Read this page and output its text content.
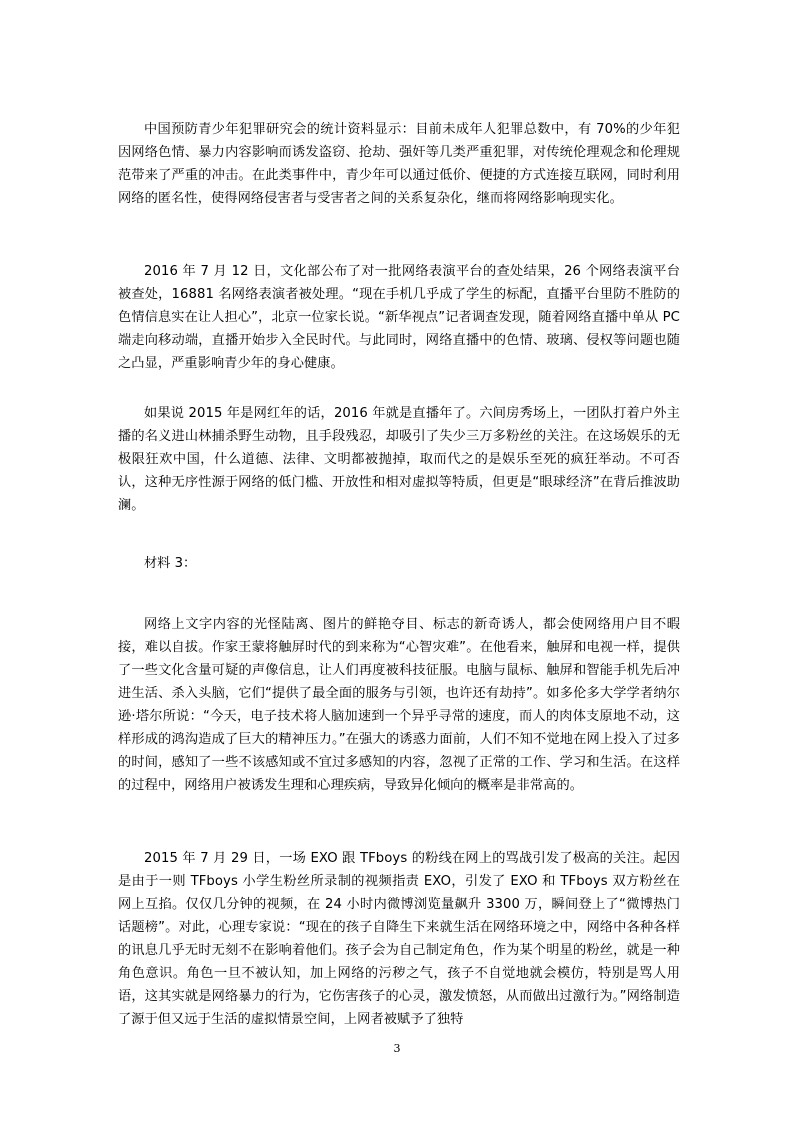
中国预防青少年犯罪研究会的统计资料显示：目前未成年人犯罪总数中，有 70%的少年犯因网络色情、暴力内容影响而诱发盗窃、抢劫、强奸等几类严重犯罪，对传统伦理观念和伦理规范带来了严重的冲击。在此类事件中，青少年可以通过低价、便捷的方式连接互联网，同时利用网络的匿名性，使得网络侵害者与受害者之间的关系复杂化，继而将网络影响现实化。

2016 年 7 月 12 日，文化部公布了对一批网络表演平台的查处结果，26 个网络表演平台被查处，16881 名网络表演者被处理。“现在手机几乎成了学生的标配，直播平台里防不胜防的色情信息实在让人担心”，北京一位家长说。“新华视点”记者调查发现，随着网络直播中单从 PC 端走向移动端，直播开始步入全民时代。与此同时，网络直播中的色情、玻璃、侵权等问题也随之凸显，严重影响青少年的身心健康。

如果说 2015 年是网红年的话，2016 年就是直播年了。六间房秀场上，一团队打着户外主播的名义进山林捕杀野生动物，且手段残忍，却吸引了失少三万多粉丝的关注。在这场娱乐的无极限狂欢中国，什么道德、法律、文明都被抛掉，取而代之的是娱乐至死的疯狂举动。不可否认，这种无序性源于网络的低门槛、开放性和相对虚拟等特质，但更是“眼球经济”在背后推波助澜。

材料 3：

网络上文字内容的光怪陆离、图片的鲜艳夺目、标志的新奇诱人，都会使网络用户目不暇接，难以自拔。作家王蒙将触屏时代的到来称为“心智灾难”。在他看来，触屏和电视一样，提供了一些文化含量可疑的声像信息，让人们再度被科技征服。电脑与鼠标、触屏和智能手机先后冲进生活、杀入头脑，它们“提供了最全面的服务与引领，也许还有劫持”。如多伦多大学学者纳尔逊·塔尔所说：“今天，电子技术将人脑加速到一个异乎寻常的速度，而人的肉体支原地不动，这样形成的鸿沟造成了巨大的精神压力。”在强大的诱惑力面前，人们不知不觉地在网上投入了过多的时间，感知了一些不该感知或不宜过多感知的内容，忽视了正常的工作、学习和生活。在这样的过程中，网络用户被诱发生理和心理疾病，导致异化倾向的概率是非常高的。

2015 年 7 月 29 日，一场 EXO 跟 TFboys 的粉线在网上的骂战引发了极高的关注。起因是由于一则 TFboys 小学生粉丝所录制的视频指责 EXO，引发了 EXO 和 TFboys 双方粉丝在网上互掐。仅仅几分钟的视频，在 24 小时内微博浏览量飙升 3300 万，瞬间登上了“微博热门话题榜”。对此，心理专家说：“现在的孩子自降生下来就生活在网络环境之中，网络中各种各样的讯息几乎无时无刻不在影响着他们。孩子会为自己制定角色，作为某个明星的粉丝，就是一种角色意识。角色一旦不被认知，加上网络的污秽之气，孩子不自觉地就会模仿，特别是骂人用语，这其实就是网络暴力的行为，它伤害孩子的心灵，激发愤怒，从而做出过激行为。”网络制造了源于但又远于生活的虚拟情景空间，上网者被赋予了独特

3
